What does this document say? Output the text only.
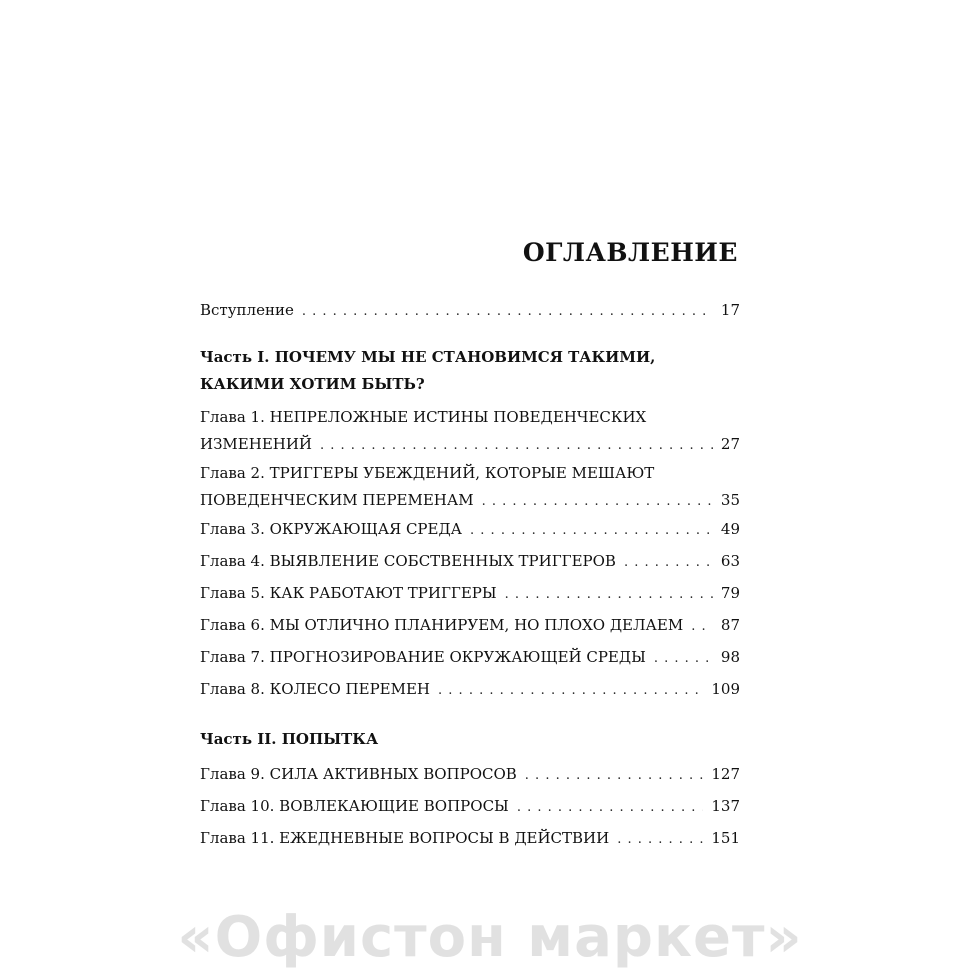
ОГЛАВЛЕНИЕ
Вступление . . .	17
Часть I. ПОЧЕМУ МЫ НЕ СТАНОВИМСЯ ТАКИМИ,
КАКИМИ ХОТИМ БЫТЬ?
Глава 1. НЕПРЕЛОЖНЫЕ ИСТИНЫ ПОВЕДЕНЧЕСКИХ
ИЗМЕНЕНИЙ . . .	27
Глава 2. ТРИГГЕРЫ УБЕЖДЕНИЙ, КОТОРЫЕ МЕШАЮТ
ПОВЕДЕНЧЕСКИМ ПЕРЕМЕНАМ . . .	35
Глава 3. ОКРУЖАЮЩАЯ СРЕДА . . .	49
Глава 4. ВЫЯВЛЕНИЕ СОБСТВЕННЫХ ТРИГГЕРОВ . . .	63
Глава 5. КАК РАБОТАЮТ ТРИГГЕРЫ . . .	79
Глава 6. МЫ ОТЛИЧНО ПЛАНИРУЕМ, НО ПЛОХО ДЕЛАЕМ . . .	87
Глава 7. ПРОГНОЗИРОВАНИЕ ОКРУЖАЮЩЕЙ СРЕДЫ . . .	98
Глава 8. КОЛЕСО ПЕРЕМЕН . . .	109
Часть II. ПОПЫТКА
Глава 9. СИЛА АКТИВНЫХ ВОПРОСОВ . . .	127
Глава 10. ВОВЛЕКАЮЩИЕ ВОПРОСЫ . . .	137
Глава 11. ЕЖЕДНЕВНЫЕ ВОПРОСЫ В ДЕЙСТВИИ . . .	151
«Офистон маркет»
